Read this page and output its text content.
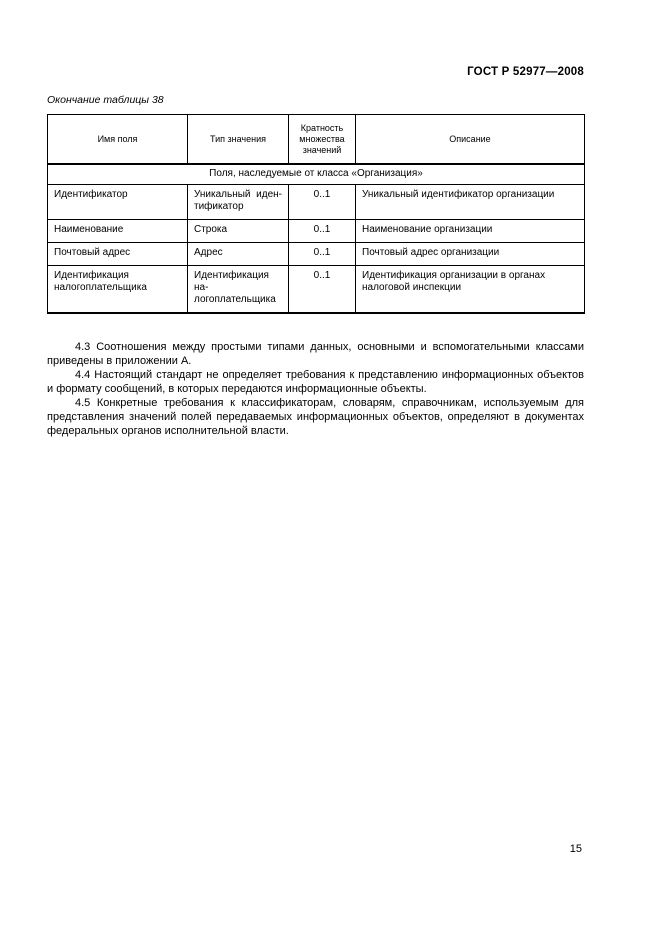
ГОСТ Р 52977—2008
Окончание таблицы 38
Имя поля	Тип значения	Кратность множества значений	Описание
Поля, наследуемые от класса «Организация»			
Идентификатор	Уникальный идентификатор	0..1	Уникальный идентификатор организации
Наименование	Строка	0..1	Наименование организации
Почтовый адрес	Адрес	0..1	Почтовый адрес организации
Идентификация налогоплательщика	Идентификация налогоплательщика	0..1	Идентификация организации в органах налоговой инспекции

4.3 Соотношения между простыми типами данных, основными и вспомогательными классами приведены в приложении А.

4.4 Настоящий стандарт не определяет требования к представлению информационных объектов и формату сообщений, в которых передаются информационные объекты.

4.5 Конкретные требования к классификаторам, словарям, справочникам, используемым для представления значений полей передаваемых информационных объектов, определяют в документах федеральных органов исполнительной власти.

15
